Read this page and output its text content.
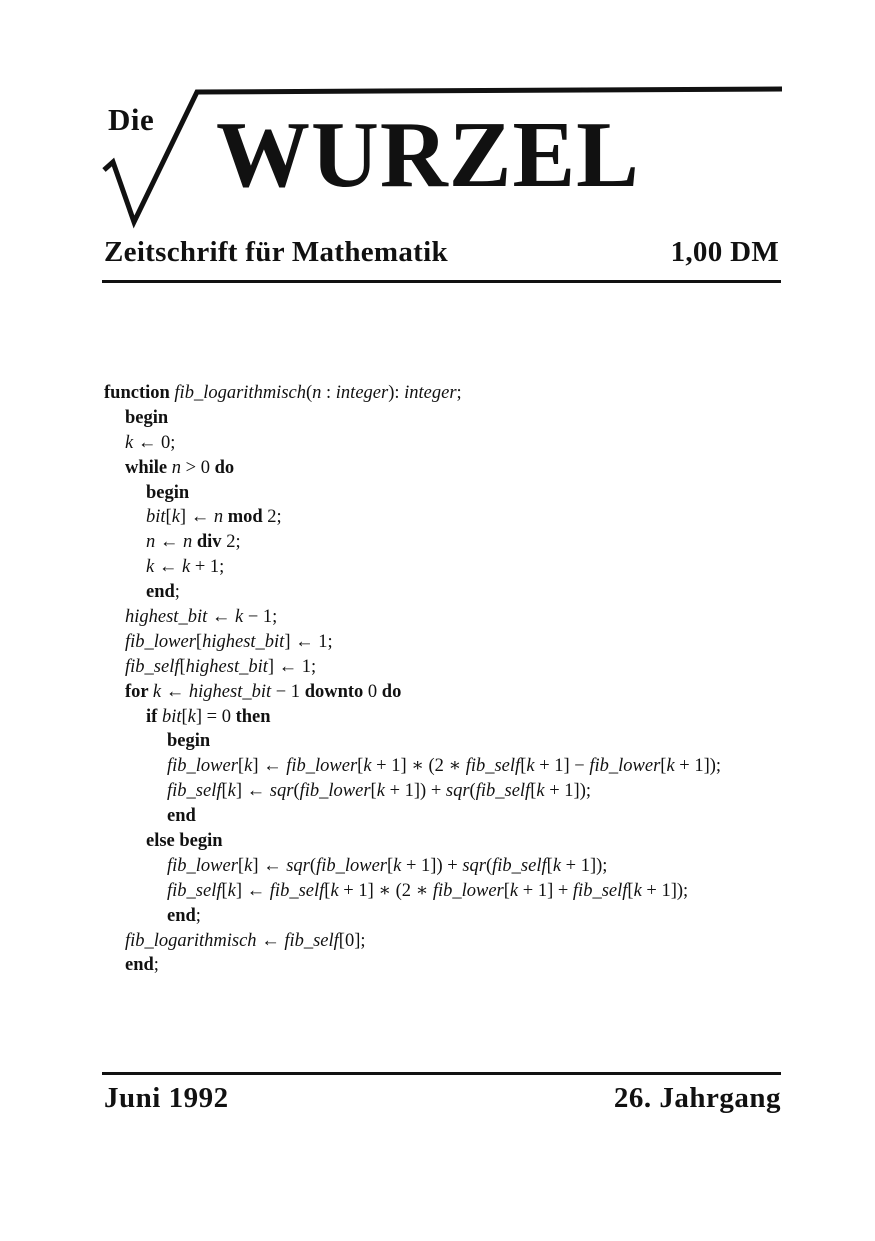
Die WURZEL
Zeitschrift für Mathematik	1,00 DM
function fib_logarithmisch(n : integer): integer;
begin
k ← 0;
while n > 0 do
begin
bit[k] ← n mod 2;
n ← n div 2;
k ← k + 1;
end;
highest_bit ← k − 1;
fib_lower[highest_bit] ← 1;
fib_self[highest_bit] ← 1;
for k ← highest_bit − 1 downto 0 do
if bit[k] = 0 then
begin
fib_lower[k] ← fib_lower[k + 1] ∗ (2 ∗ fib_self[k + 1] − fib_lower[k + 1]);
fib_self[k] ← sqr(fib_lower[k + 1]) + sqr(fib_self[k + 1]);
end
else begin
fib_lower[k] ← sqr(fib_lower[k + 1]) + sqr(fib_self[k + 1]);
fib_self[k] ← fib_self[k + 1] ∗ (2 ∗ fib_lower[k + 1] + fib_self[k + 1]);
end;
fib_logarithmisch ← fib_self[0];
end;
Juni 1992	26. Jahrgang
